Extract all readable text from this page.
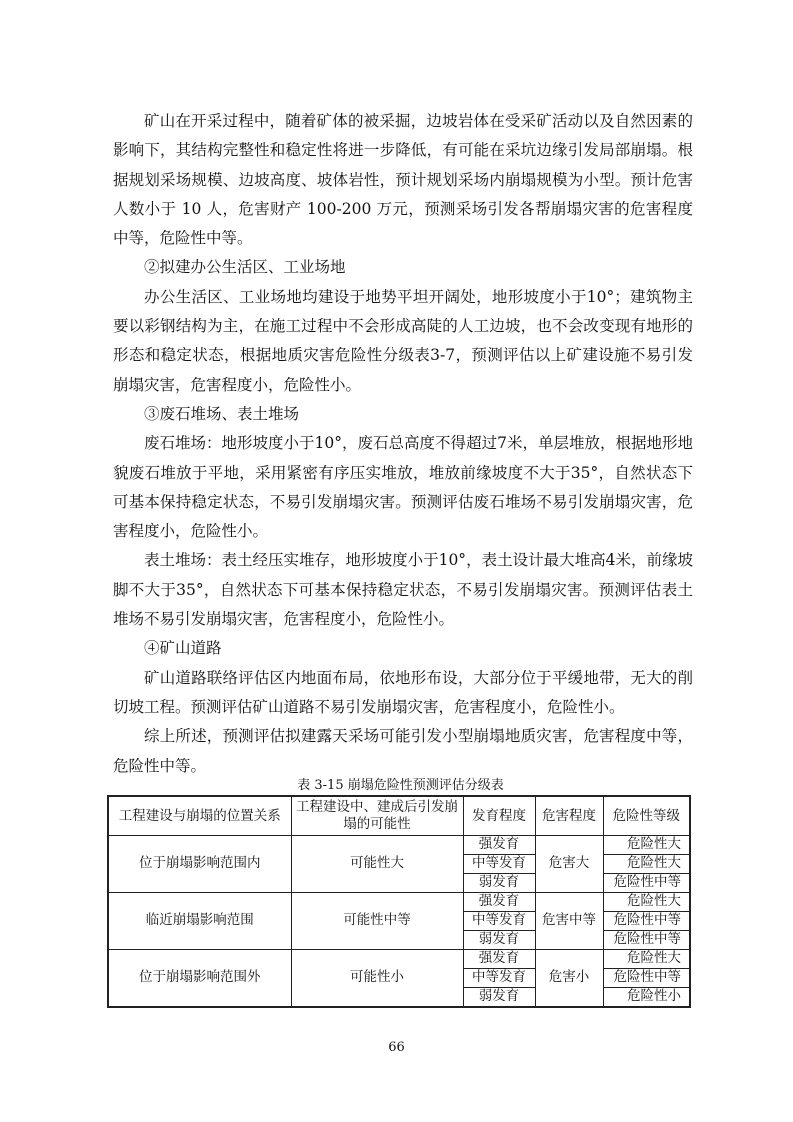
矿山在开采过程中，随着矿体的被采掘，边坡岩体在受采矿活动以及自然因素的影响下，其结构完整性和稳定性将进一步降低，有可能在采坑边缘引发局部崩塌。根据规划采场规模、边坡高度、坡体岩性，预计规划采场内崩塌规模为小型。预计危害人数小于 10 人，危害财产 100-200 万元，预测采场引发各帮崩塌灾害的危害程度中等，危险性中等。

②拟建办公生活区、工业场地

办公生活区、工业场地均建设于地势平坦开阔处，地形坡度小于10°；建筑物主要以彩钢结构为主，在施工过程中不会形成高陡的人工边坡，也不会改变现有地形的形态和稳定状态，根据地质灾害危险性分级表3-7，预测评估以上矿建设施不易引发崩塌灾害，危害程度小，危险性小。

③废石堆场、表土堆场

废石堆场：地形坡度小于10°，废石总高度不得超过7米，单层堆放，根据地形地貌废石堆放于平地，采用紧密有序压实堆放，堆放前缘坡度不大于35°，自然状态下可基本保持稳定状态，不易引发崩塌灾害。预测评估废石堆场不易引发崩塌灾害，危害程度小，危险性小。

表土堆场：表土经压实堆存，地形坡度小于10°，表土设计最大堆高4米，前缘坡脚不大于35°，自然状态下可基本保持稳定状态，不易引发崩塌灾害。预测评估表土堆场不易引发崩塌灾害，危害程度小，危险性小。

④矿山道路

矿山道路联络评估区内地面布局，依地形布设，大部分位于平缓地带，无大的削切坡工程。预测评估矿山道路不易引发崩塌灾害，危害程度小，危险性小。

综上所述，预测评估拟建露天采场可能引发小型崩塌地质灾害，危害程度中等，危险性中等。

表 3-15 崩塌危险性预测评估分级表
工程建设与崩塌的位置关系	工程建设中、建成后引发崩塌的可能性	发育程度	危害程度	危险性等级
位于崩塌影响范围内	可能性大	强发育	危害大	危险性大
		中等发育		危险性大
		弱发育		危险性中等
临近崩塌影响范围	可能性中等	强发育	危害中等	危险性大
		中等发育		危险性中等
		弱发育		危险性中等
位于崩塌影响范围外	可能性小	强发育	危害小	危险性大
		中等发育		危险性中等
		弱发育		危险性小
66
